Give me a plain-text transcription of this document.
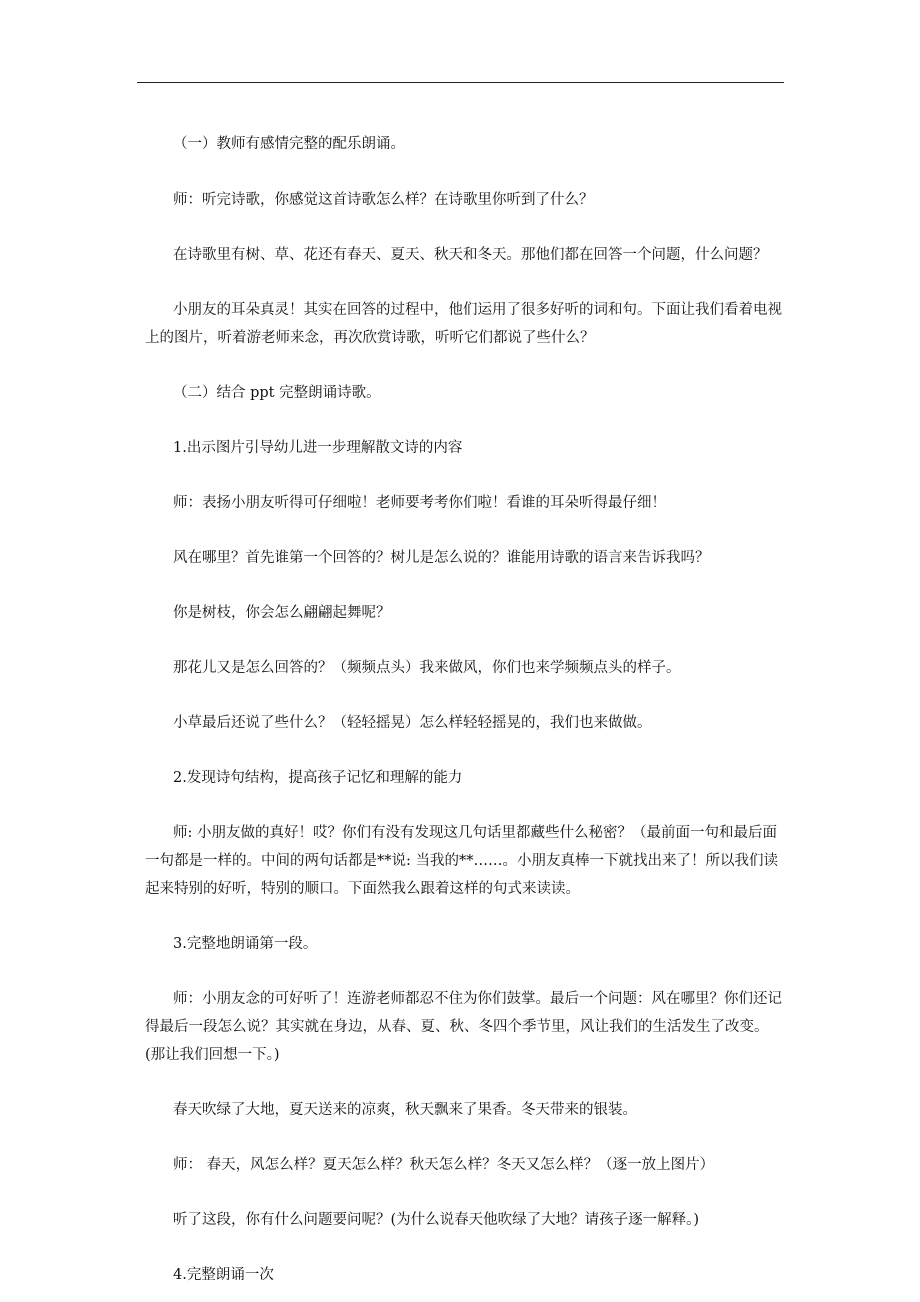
（一）教师有感情完整的配乐朗诵。

师：听完诗歌，你感觉这首诗歌怎么样？在诗歌里你听到了什么？

在诗歌里有树、草、花还有春天、夏天、秋天和冬天。那他们都在回答一个问题，什么问题？

小朋友的耳朵真灵！其实在回答的过程中，他们运用了很多好听的词和句。下面让我们看着电视上的图片，听着游老师来念，再次欣赏诗歌，听听它们都说了些什么？

（二）结合 ppt 完整朗诵诗歌。

1.出示图片引导幼儿进一步理解散文诗的内容

师：表扬小朋友听得可仔细啦！老师要考考你们啦！看谁的耳朵听得最仔细！

风在哪里？首先谁第一个回答的？树儿是怎么说的？谁能用诗歌的语言来告诉我吗？

你是树枝，你会怎么翩翩起舞呢？

那花儿又是怎么回答的？（频频点头）我来做风，你们也来学频频点头的样子。

小草最后还说了些什么？（轻轻摇晃）怎么样轻轻摇晃的，我们也来做做。

2.发现诗句结构，提高孩子记忆和理解的能力

师: 小朋友做的真好！哎？你们有没有发现这几句话里都藏些什么秘密？（最前面一句和最后面一句都是一样的。中间的两句话都是**说: 当我的**……。小朋友真棒一下就找出来了！所以我们读起来特别的好听，特别的顺口。下面然我么跟着这样的句式来读读。

3.完整地朗诵第一段。

师：小朋友念的可好听了！连游老师都忍不住为你们鼓掌。最后一个问题：风在哪里？你们还记得最后一段怎么说？其实就在身边，从春、夏、秋、冬四个季节里，风让我们的生活发生了改变。(那让我们回想一下。)

春天吹绿了大地，夏天送来的凉爽，秋天飘来了果香。冬天带来的银装。

师： 春天，风怎么样？夏天怎么样？秋天怎么样？冬天又怎么样？（逐一放上图片）

听了这段，你有什么问题要问呢？(为什么说春天他吹绿了大地？请孩子逐一解释。)

4.完整朗诵一次
